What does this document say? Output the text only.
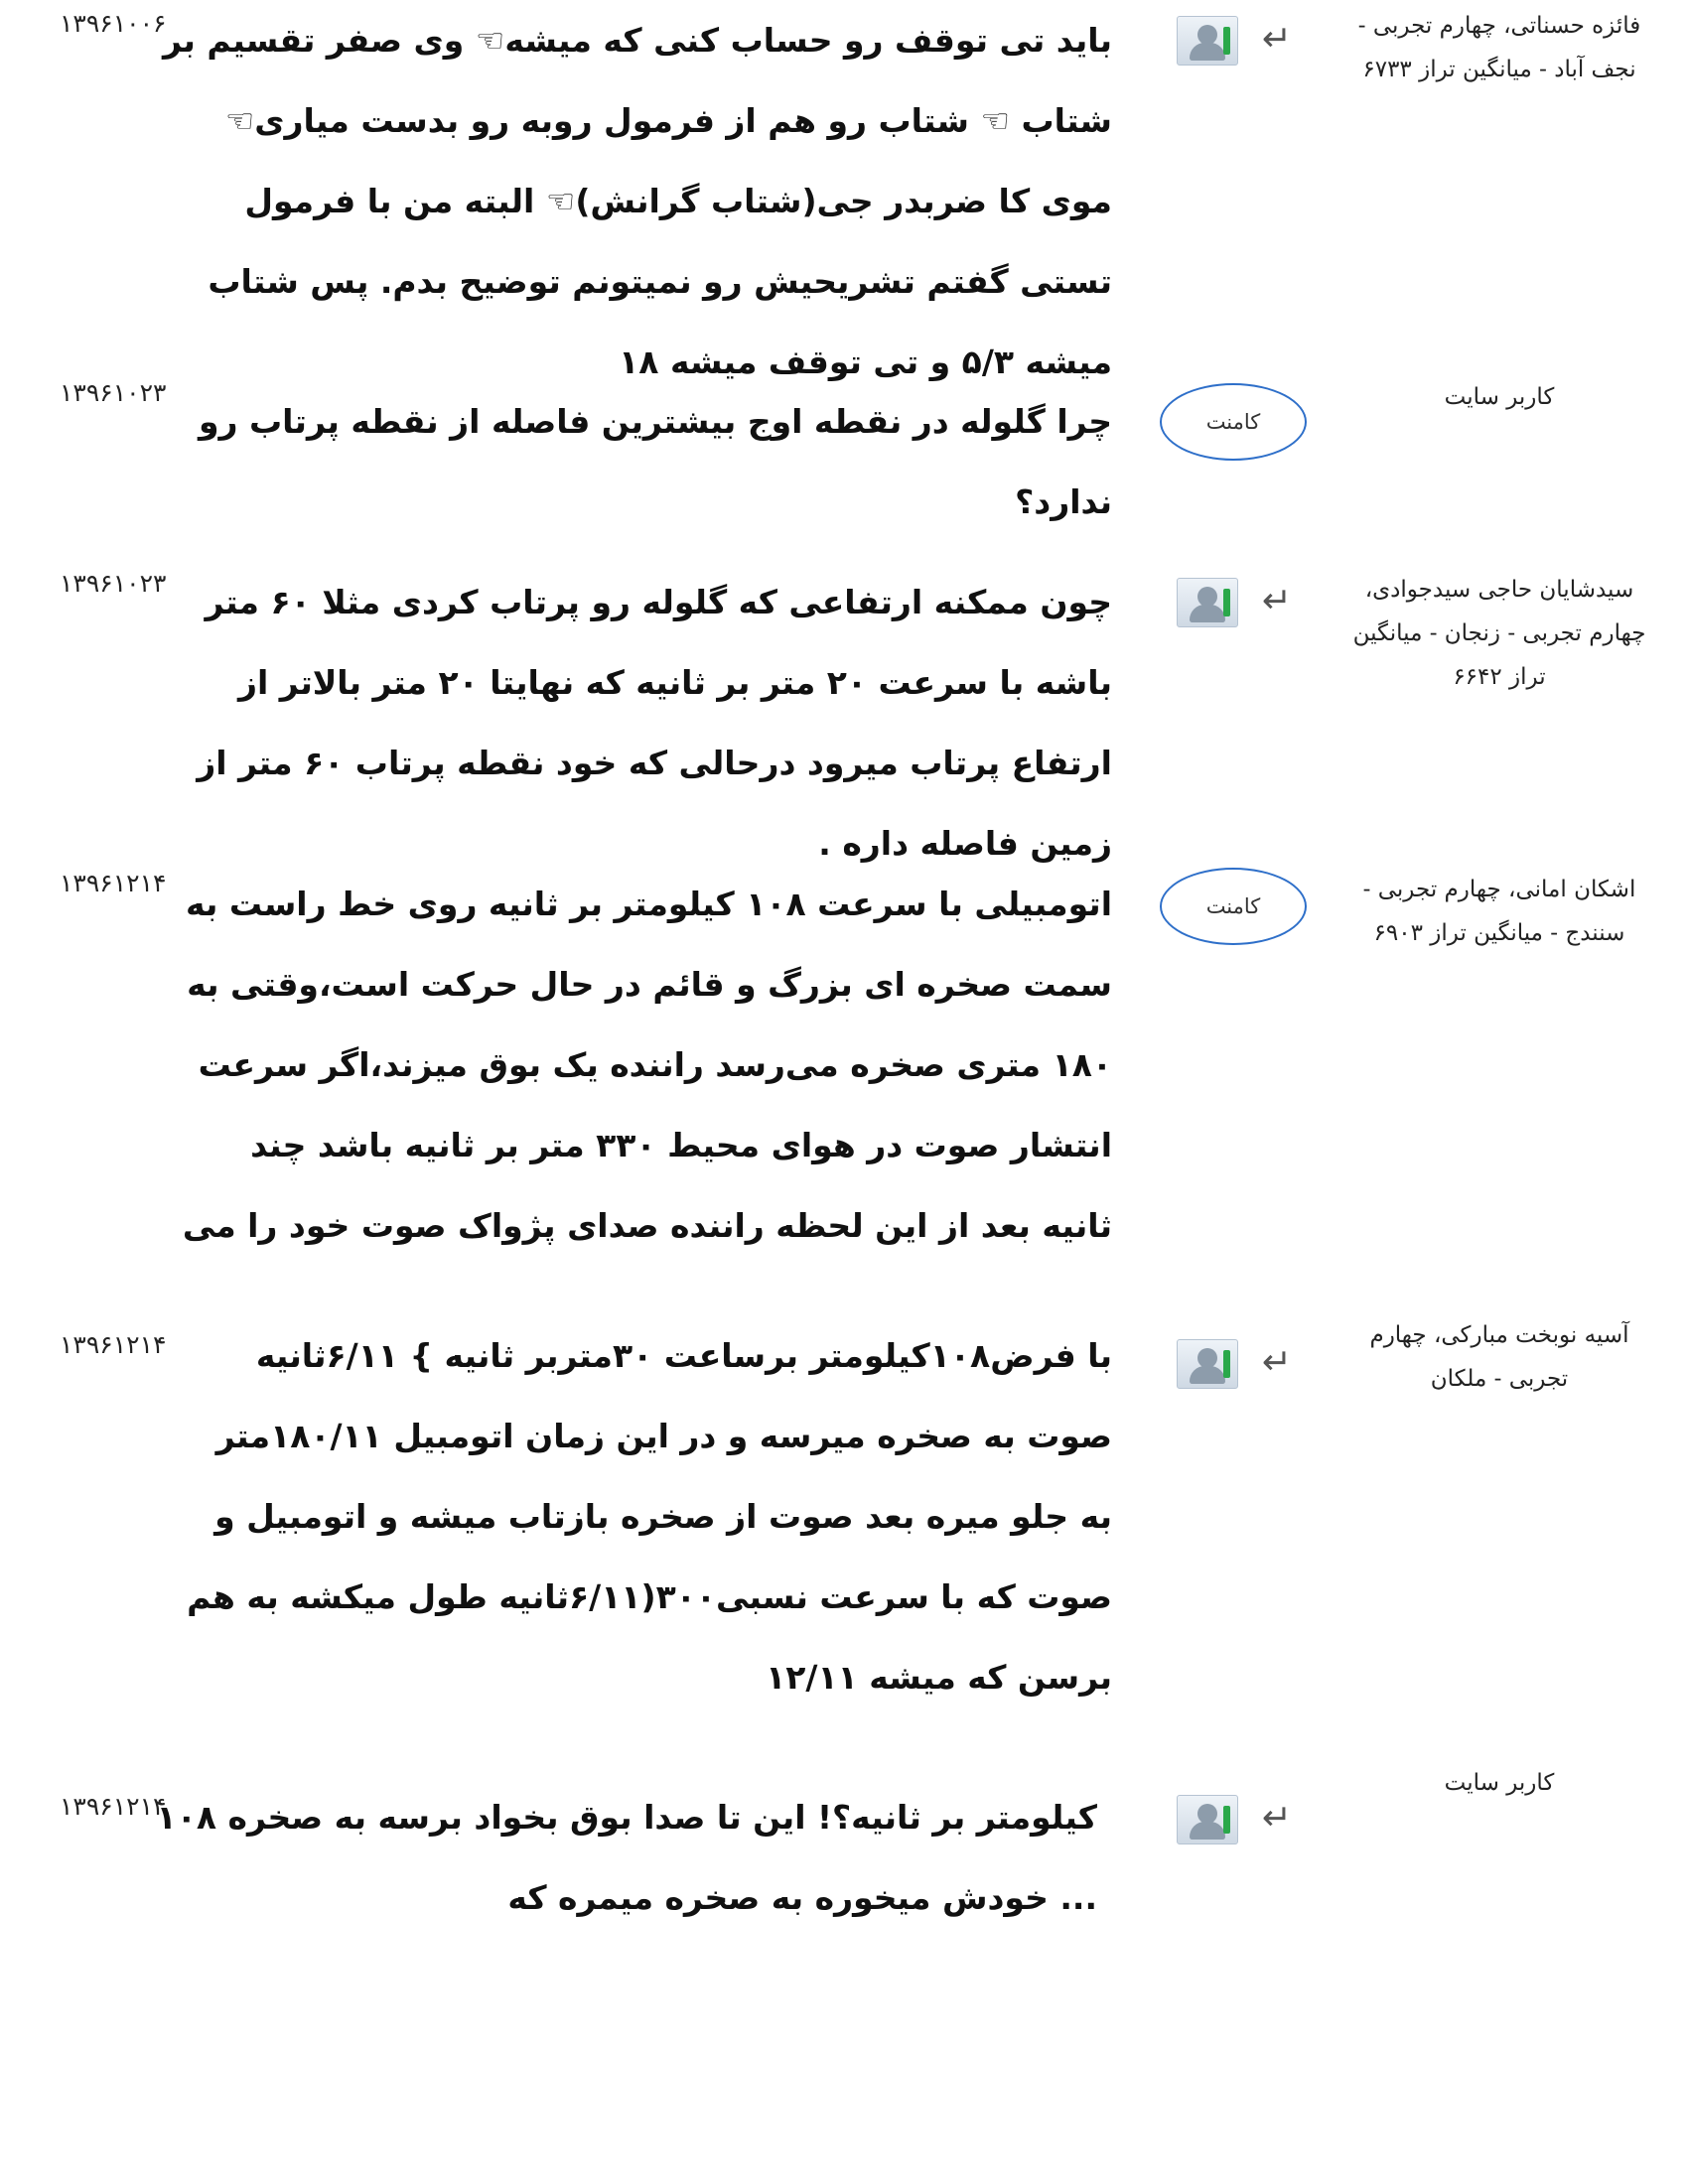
فائزه حسناتی، چهارم تجربی -
نجف آباد - میانگین تراز ۶۷۳۳
↵
باید تی توقف رو حساب کنی که میشه☜ وی صفر تقسیم بر
شتاب ☜ شتاب رو هم از فرمول روبه رو بدست میاری☜
موی کا ضربدر جی(شتاب گرانش)☜ البته من با فرمول
تستی گفتم تشریحیش رو نمیتونم توضیح بدم. پس شتاب
میشه ۵/۳ و تی توقف میشه ۱۸
۱۳۹۶۱۰۰۶
کاربر سایت
کامنت
چرا گلوله در نقطه اوج بیشترین فاصله از نقطه پرتاب رو
ندارد؟
۱۳۹۶۱۰۲۳
سیدشایان حاجی سیدجوادی،
چهارم تجربی - زنجان - میانگین
تراز ۶۶۴۲
↵
چون ممکنه ارتفاعی که گلوله رو پرتاب کردی مثلا ۶۰ متر
باشه با سرعت ۲۰ متر بر ثانیه که نهایتا ۲۰ متر بالاتر از
ارتفاع پرتاب میرود درحالی که خود نقطه پرتاب ۶۰ متر از
زمین فاصله داره .
۱۳۹۶۱۰۲۳
اشکان امانی، چهارم تجربی -
سنندج - میانگین تراز ۶۹۰۳
کامنت
اتومبیلی با سرعت ۱۰۸ کیلومتر بر ثانیه روی خط راست به
سمت صخره ای بزرگ و قائم در حال حرکت است،وقتی به
۱۸۰ متری صخره می‌رسد راننده یک بوق میزند،اگر سرعت
انتشار صوت در هوای محیط ۳۳۰ متر بر ثانیه باشد چند
ثانیه بعد از این لحظه راننده صدای پژواک صوت خود را می
۱۳۹۶۱۲۱۴
آسیه نوبخت مبارکی، چهارم
تجربی - ملکان
↵
با فرض۱۰۸کیلومتر برساعت ۳۰متربر ثانیه } ۶/۱۱ثانیه
صوت به صخره میرسه و در این زمان اتومبیل ۱۸۰/۱۱متر
به جلو میره بعد صوت از صخره بازتاب میشه و اتومبیل و
صوت که با سرعت نسبی۳۰۰(۶/۱۱ثانیه طول میکشه به هم
برسن که میشه ۱۲/۱۱
۱۳۹۶۱۲۱۴
کاربر سایت
↵
کیلومتر بر ثانیه؟! این تا صدا بوق بخواد برسه به صخره ۱۰۸
... خودش میخوره به صخره میمره که
۱۳۹۶۱۲۱۴
